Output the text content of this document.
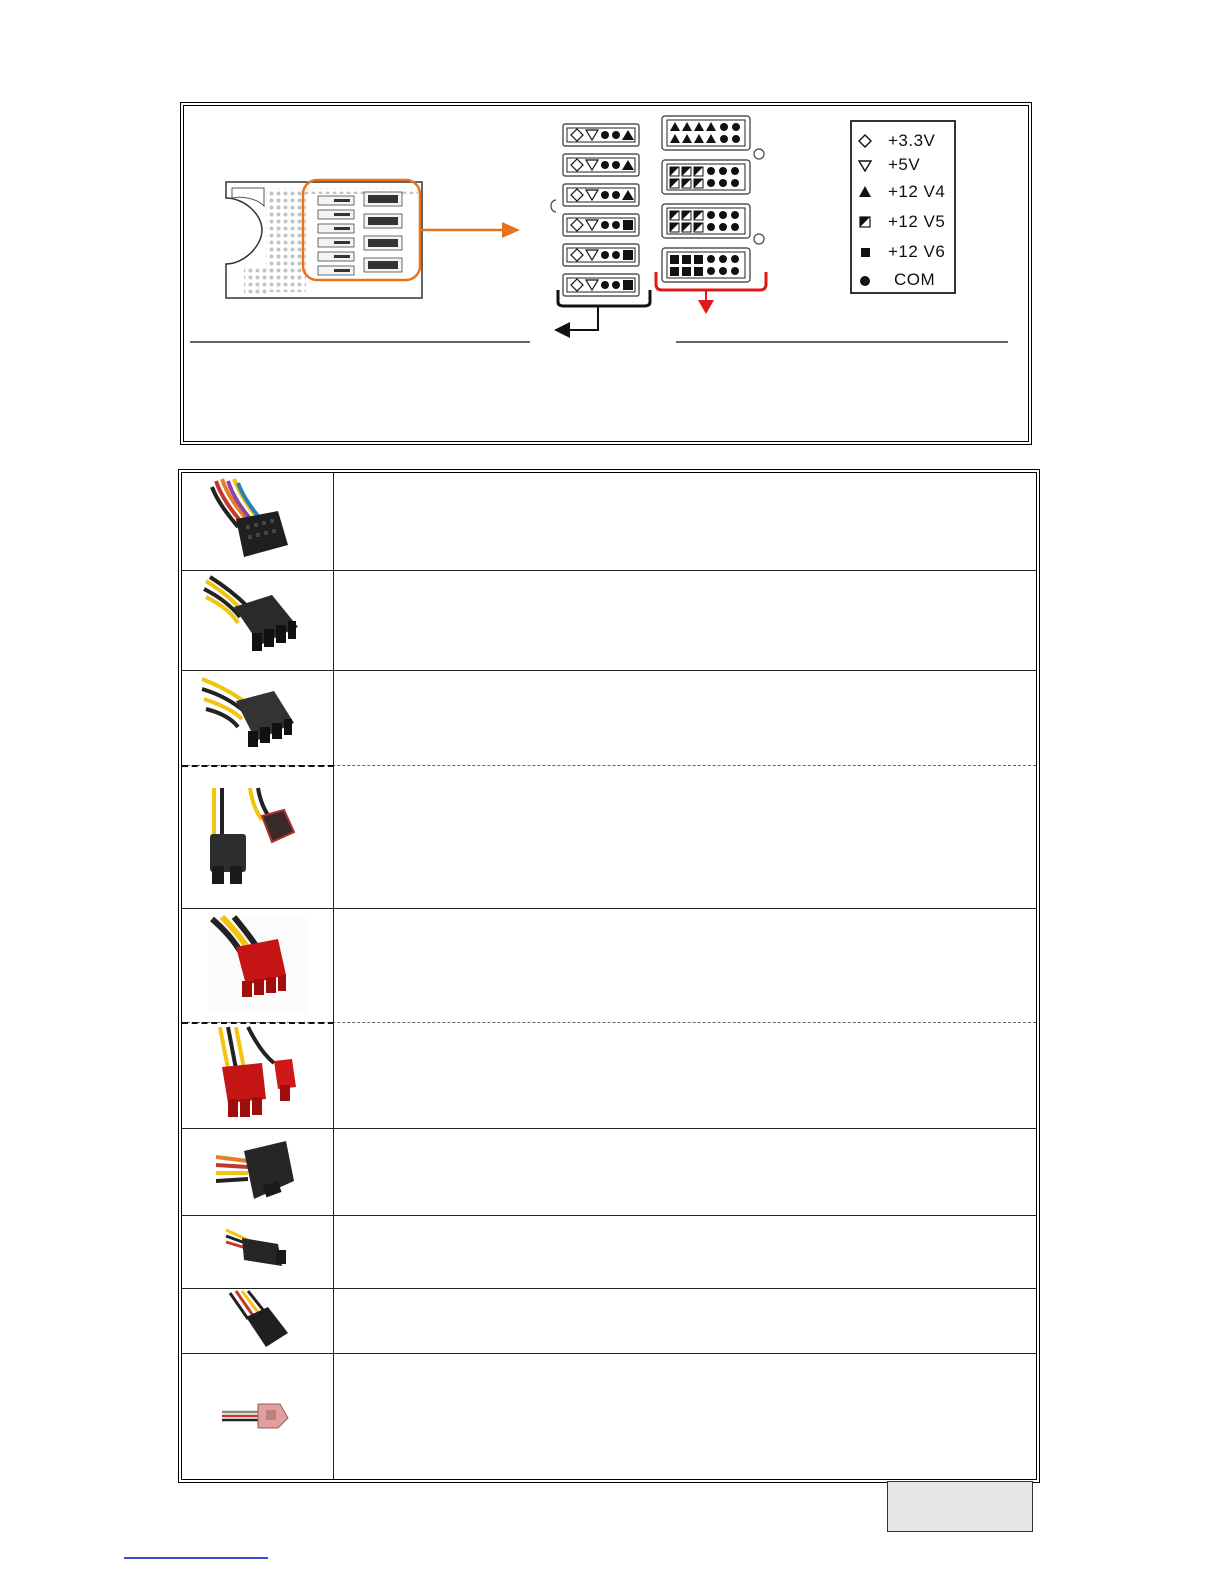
+3.3V
+5V
+12 V4
+12 V5
+12 V6
COM
